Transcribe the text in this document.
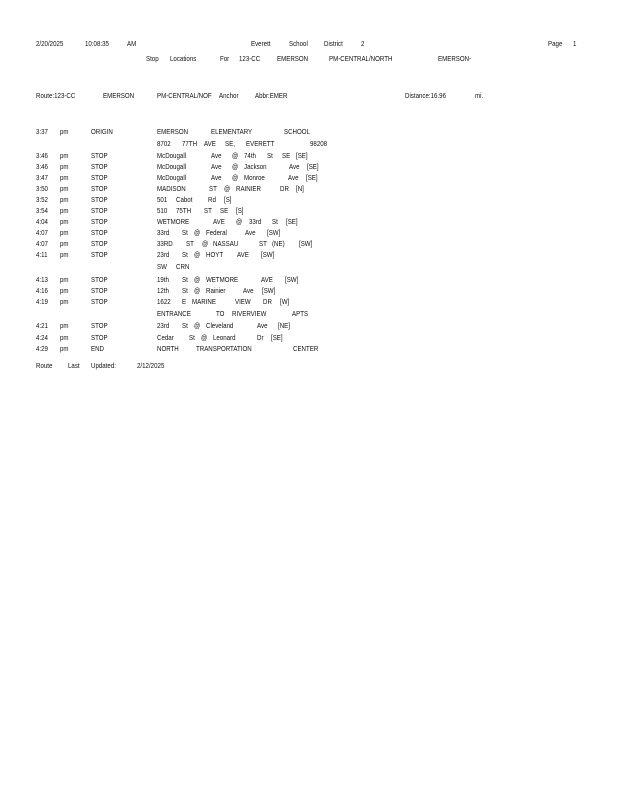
2/20/2025	10:08:35 AM	Everett School District 2	Page 1
Stop Locations	For 123-CC EMERSON	PM-CENTRAL/NORTH	EMERSON-
Route:123-CC	EMERSON	PM-CENTRAL/NOF Anchor Abbr:EMER	Distance:16.96	mi.
3:37 pm	ORIGIN	EMERSON	ELEMENTARY	SCHOOL
8702 77TH AVE SE, EVERETT	98208
3:46 pm	STOP	McDougall	Ave @ 74th St SE [SE]
3:46 pm	STOP	McDougall	Ave @ Jackson	Ave [SE]
3:47 pm	STOP	McDougall	Ave @ Monroe	Ave [SE]
3:50 pm	STOP	MADISON	ST @ RAINIER	DR [N]
3:52 pm	STOP	501 Cabot Rd [S]
3:54 pm	STOP	510 75TH ST SE [S]
4:04 pm	STOP	WETMORE	AVE @ 33rd St [SE]
4:07 pm	STOP	33rd St @ Federal Ave [SW]
4:07 pm	STOP	33RD ST @ NASSAU	ST (NE) [SW]
4:11 pm	STOP	23rd St @ HOYT AVE [SW]
SW CRN
4:13 pm	STOP	19th St @ WETMORE	AVE [SW]
4:16 pm	STOP	12th St @ Rainier Ave [SW]
4:19 pm	STOP	1622 E MARINE	VIEW DR [W]
ENTRANCE	TO RIVERVIEW	APTS
4:21 pm	STOP	23rd St @ Cleveland	Ave [NE]
4:24 pm	STOP	Cedar St @ Leonard	Dr [SE]
4:29 pm	END	NORTH TRANSPORTATION	CENTER
Route Last Updated:	2/12/2025
